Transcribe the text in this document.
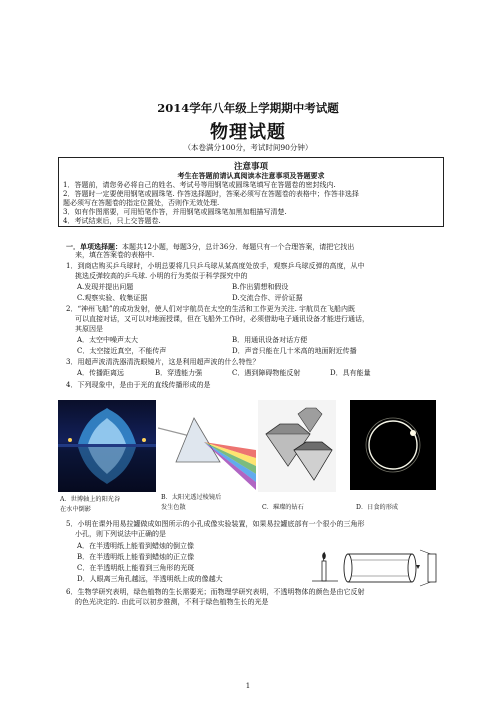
2014学年八年级上学期期中考试题
物理试题
（本卷满分100分，考试时间90分钟）
注意事项
考生在答题前请认真阅读本注意事项及答题要求
1．答题前，请您务必将自己的姓名、考试号等用钢笔或圆珠笔填写在答题卷的密封线内.
2．答题时一定要使用钢笔或圆珠笔. 作答选择题时，答案必须写在答题卷的表格中；作答非选择
题必须写在答题卷的指定位置处，否则作无效处理.
3．如有作图需要，可用铅笔作答，并用钢笔或圆珠笔加黑加粗描写清楚.
4．考试结束后，只上交答题卷.
一．单项选择题：本题共12小题，每题3分，总计36分．每题只有一个合理答案，请把它找出
来，填在答案卷的表格中.
1．到商店购买乒乓球时，小明总要将几只乒乓球从某高度处放手，观察乒乓球反弹的高度，从中
挑选反弹较高的乒乓球. 小明的行为类似于科学探究中的
A.发现并提出问题	B.作出猜想和假设
C.观察实验、收集证据	D.交流合作、评价证据
2．“神州飞船”的成功发射，使人们对宇航员在太空的生活和工作更为关注. 宇航员在飞船内既
可以直接对话，又可以对地面授课，但在飞船外工作时，必须借助电子通讯设备才能进行通话，
其原因是
A．太空中噪声太大	B．用通讯设备对话方便
C．太空接近真空，不能传声	D．声音只能在几十米高的地面附近传播
3．用超声波清洗器清洗眼镜片，这是利用超声波的什么特性？
A．传播距离远	B．穿透能力强	C．遇到障碍物能反射	D．具有能量
4．下列现象中，是由于光的直线传播形成的是
A．世博轴上的阳光谷
在水中倒影
B．太阳光透过棱镜后
发生色散	C．璀璨的钻石	D．日食的形成
5．小明在课外用易拉罐做成如图所示的小孔成像实验装置，如果易拉罐底部有一个很小的三角形
小孔，则下列说法中正确的是
A．在半透明纸上能看到蜡烛的倒立像
B．在半透明纸上能看到蜡烛的正立像
C．在半透明纸上能看到三角形的光斑
D．人眼离三角孔越远，半透明纸上成的像越大
6．生物学研究表明，绿色植物的生长需要光；而物理学研究表明，不透明物体的颜色是由它反射
的色光决定的. 由此可以初步推测，不利于绿色植物生长的光是
1
